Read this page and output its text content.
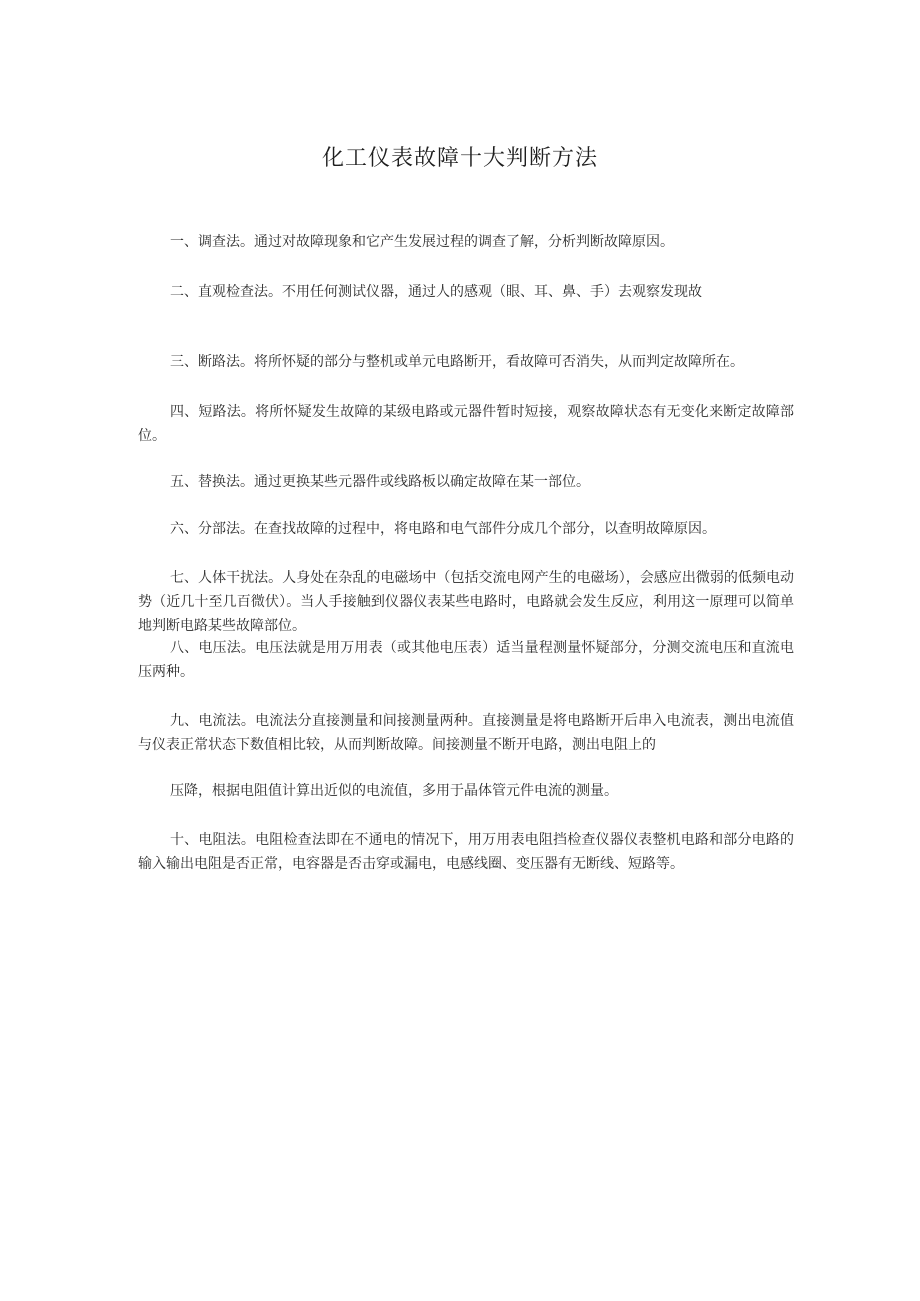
化工仪表故障十大判断方法
一、调查法。通过对故障现象和它产生发展过程的调查了解，分析判断故障原因。
二、直观检查法。不用任何测试仪器，通过人的感观（眼、耳、鼻、手）去观察发现故
三、断路法。将所怀疑的部分与整机或单元电路断开，看故障可否消失，从而判定故障所在。
四、短路法。将所怀疑发生故障的某级电路或元器件暂时短接，观察故障状态有无变化来断定故障部位。
五、替换法。通过更换某些元器件或线路板以确定故障在某一部位。
六、分部法。在查找故障的过程中，将电路和电气部件分成几个部分，以查明故障原因。
七、人体干扰法。人身处在杂乱的电磁场中（包括交流电网产生的电磁场），会感应出微弱的低频电动势（近几十至几百微伏）。当人手接触到仪器仪表某些电路时，电路就会发生反应，利用这一原理可以简单地判断电路某些故障部位。
八、电压法。电压法就是用万用表（或其他电压表）适当量程测量怀疑部分，分测交流电压和直流电压两种。
九、电流法。电流法分直接测量和间接测量两种。直接测量是将电路断开后串入电流表，测出电流值与仪表正常状态下数值相比较，从而判断故障。间接测量不断开电路，测出电阻上的
压降，根据电阻值计算出近似的电流值，多用于晶体管元件电流的测量。
十、电阻法。电阻检查法即在不通电的情况下，用万用表电阻挡检查仪器仪表整机电路和部分电路的输入输出电阻是否正常，电容器是否击穿或漏电，电感线圈、变压器有无断线、短路等。
